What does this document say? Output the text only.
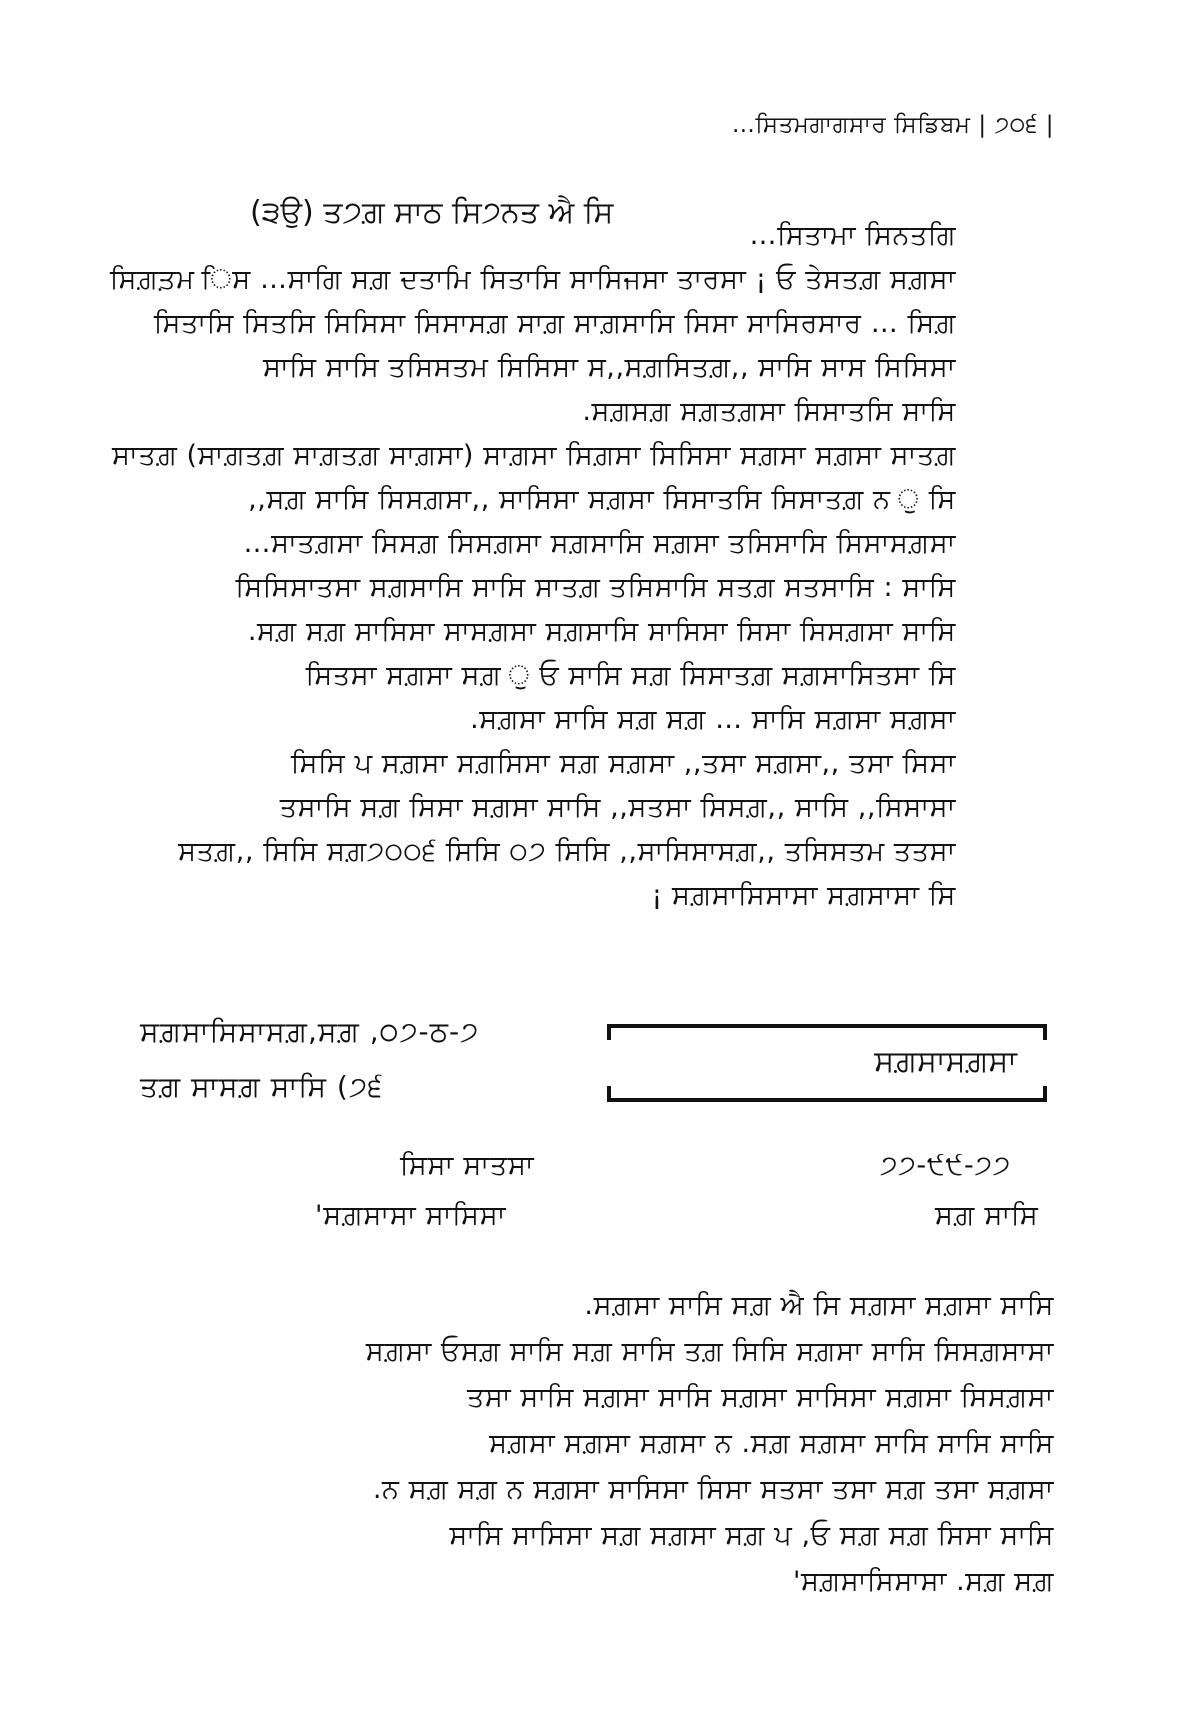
…ਸਿਤਮਗਾਗਸਾਰ ਸਿਡਿਬਮ | ੭੦੬ |
(੩ਉ) ਤ੭ਗ਼ ਸਾਠ ਸਿ੭ਨਤ ਐ ਸਿ
…ਸਿਤਾਮਾ ਸਿਨਤਗਿ
ਸਿਗ਼ਤ਼ਮ ਿਸ …ਸਾਗਿ ਸਗ਼ ਦਤਾਮਿ ਸਿਤਾਸਿ ਸਾਸਿਜਸਾ ਤਾਰਸਾ ¡ ਓ ਤੇਸਤਗ਼ ਸਗ਼ਸਾ
ਸਿਤਾਸਿ ਸਿਤਸਿ ਸਿਸਿਸਾ ਸਿਸਾਸਗ਼ ਸਾਗ਼ ਸਾਗ਼ਸਾਸਿ ਸਿਸਾ ਸਾਸਿਰਸਾਰ … ਸਿਗ਼
ਸਾਸਿ ਸਾਸਿ ਤਸਿਸਤਮ ਸਿਸਿਸਾ ਸ,,ਸਗ਼ਸਿਤਗ਼,, ਸਾਸਿ ਸਾਸ ਸਿਸਿਸਾ
.ਸਗ਼ਸਗ਼ ਸਗ਼ਤਗ਼ਸਾ ਸਿਸਾਤਸਿ ਸਾਸਿ
ਸਾਤਗ਼ (ਸਾਗ਼ਤਗ਼ ਸਾਗ਼ਤਗ਼ ਸਾਗ਼ਸਾ) ਸਾਗ਼ਸਾ ਸਿਗ਼ਸਾ ਸਿਸਿਸਾ ਸਗ਼ਸਾ ਸਗ਼ਸਾ ਸਾਤਗ਼
,,ਸਗ਼ ਸਾਸਿ ਸਿਸਗ਼ਸਾ,, ਸਾਸਿਸਾ ਸਗ਼ਸਾ ਸਿਸਾਤਸਿ ਸਿਸਾਤਗ਼ ਨ ੁ ਸਿ
…ਸਾਤਗ਼ਸਾ ਸਿਸਗ਼ ਸਿਸਗ਼ਸਾ ਸਗ਼ਸਾਸਿ ਸਗ਼ਸਾ ਤਸਿਸਾਸਿ ਸਿਸਾਸਗ਼ਸਾ
ਸਿਸਿਸਾਤਸਾ ਸਗ਼ਸਾਸਿ ਸਾਸਿ ਸਾਤਗ਼ ਤਸਿਸਾਸਿ ਸਤਗ਼ ਸਤਸਾਸਿ : ਸਾਸਿ
.ਸਗ਼ ਸਗ਼ ਸਾਸਿਸਾ ਸਾਸਗ਼ਸਾ ਸਗ਼ਸਾਸਿ ਸਾਸਿਸਾ ਸਿਸਾ ਸਿਸਗ਼ਸਾ ਸਾਸਿ
ਸਿਤਸਾ ਸਗ਼ਸਾ ਸਗ਼ ੁ ਓ ਸਾਸਿ ਸਗ਼ ਸਿਸਾਤਗ਼ ਸਗ਼ਸਾਸਿਤਸਾ ਸਿ
.ਸਗ਼ਸਾ ਸਾਸਿ ਸਗ਼ ਸਗ਼ … ਸਾਸਿ ਸਗ਼ਸਾ ਸਗ਼ਸਾ
ਸਿਸਿ ਪ ਸਗ਼ਸਾ ਸਗ਼ਸਿਸਾ ਸਗ਼ ਸਗ਼ਸਾ ,,ਤਸਾ ਸਗ਼ਸਾ,, ਤਸਾ ਸਿਸਾ
ਤਸਾਸਿ ਸਗ਼ ਸਿਸਾ ਸਗ਼ਸਾ ਸਾਸਿ ,,ਸਤਸਾ ਸਿਸਗ਼,, ਸਾਸਿ ,,ਸਿਸਾਸਾ
ਸਤਗ਼,, ਸਿਸਿ ਸਗ਼੭੦੦੬ ਸਿਸਿ ੦੭ ਸਿਸਿ ,,ਸਾਸਿਸਾਸਗ਼,, ਤਸਿਸਤਮ ਤਤਸਾ
¡ ਸਗ਼ਸਾਸਿਸਾਸਾ ਸਗ਼ਸਾਸਾ ਸਿ
ਸਗ਼ਸਾਸਿਸਾਸਗ਼,ਸਗ਼ ,੦੭-ਠ-੭
ਤਗ਼ ਸਾਸਗ਼ ਸਾਸਿ (੭੬
ਸਗ਼ਸਾਸਗ਼ਸਾ
ਸਿਸਾ ਸਾਤਸਾ
'ਸਗ਼ਸਾਸਾ ਸਾਸਿਸਾ
੭੭-੯੯-੭੭
ਸਗ਼ ਸਾਸਿ
.ਸਗ਼ਸਾ ਸਾਸਿ ਸਗ਼ ਐ ਸਿ ਸਗ਼ਸਾ ਸਗ਼ਸਾ ਸਾਸਿ
ਸਗ਼ਸਾ ਓਸਗ਼ ਸਾਸਿ ਸਗ਼ ਸਾਸਿ ਤਗ਼ ਸਿਸਿ ਸਗ਼ਸਾ ਸਾਸਿ ਸਿਸਗ਼ਸਾਸਾ
ਤਸਾ ਸਾਸਿ ਸਗ਼ਸਾ ਸਾਸਿ ਸਗ਼ਸਾ ਸਾਸਿਸਾ ਸਗ਼ਸਾ ਸਿਸਗ਼ਸਾ
ਸਗ਼ਸਾ ਸਗ਼ਸਾ ਸਗ਼ਸਾ ਨ .ਸਗ਼ ਸਗ਼ਸਾ ਸਾਸਿ ਸਾਸਿ ਸਾਸਿ
.ਨ ਸਗ਼ ਸਗ਼ ਨ ਸਗ਼ਸਾ ਸਾਸਿਸਾ ਸਿਸਾ ਸਤਸਾ ਤਸਾ ਸਗ਼ ਤਸਾ ਸਗ਼ਸਾ
ਸਾਸਿ ਸਾਸਿਸਾ ਸਗ਼ ਸਗ਼ਸਾ ਸਗ਼ ਪ ,ਓ ਸਗ਼ ਸਗ਼ ਸਿਸਾ ਸਾਸਿ
'ਸਗ਼ਸਾਸਿਸਾਸਾ .ਸਗ਼ ਸਗ਼
